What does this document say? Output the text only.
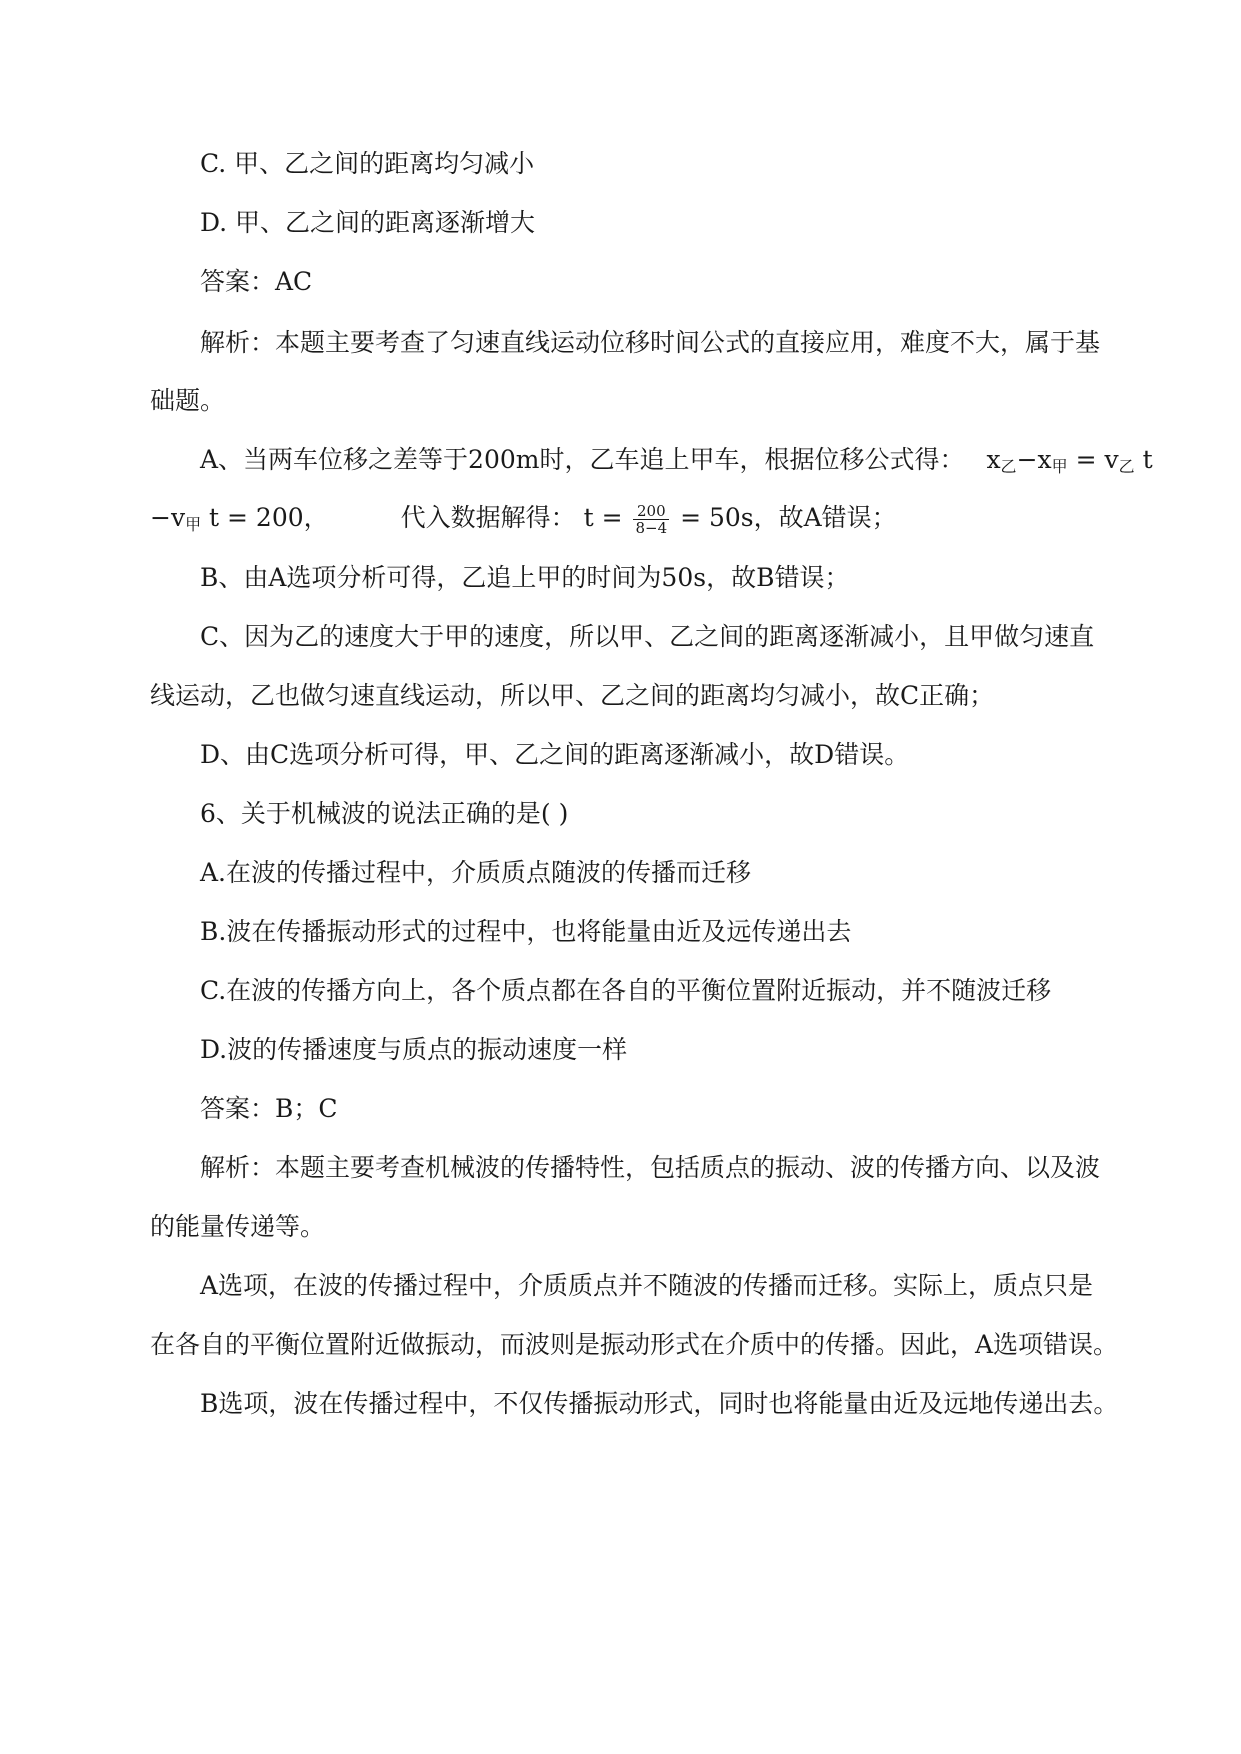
C. 甲、乙之间的距离均匀减小
D. 甲、乙之间的距离逐渐增大
答案：AC
解析：本题主要考查了匀速直线运动位移时间公式的直接应用，难度不大，属于基
础题。
A、当两车位移之差等于200m时，乙车追上甲车，根据位移公式得： $x_乙-x_甲 = v_乙$ t
$-v_甲$ t = 200，	代入数据解得： $t = \frac{200}{8-4} = 50s$，故A错误；
B、由A选项分析可得，乙追上甲的时间为50s，故B错误；
C、因为乙的速度大于甲的速度，所以甲、乙之间的距离逐渐减小，且甲做匀速直
线运动，乙也做匀速直线运动，所以甲、乙之间的距离均匀减小，故C正确；
D、由C选项分析可得，甲、乙之间的距离逐渐减小，故D错误。
6、关于机械波的说法正确的是( )
A.在波的传播过程中，介质质点随波的传播而迁移
B.波在传播振动形式的过程中，也将能量由近及远传递出去
C.在波的传播方向上，各个质点都在各自的平衡位置附近振动，并不随波迁移
D.波的传播速度与质点的振动速度一样
答案：B；C
解析：本题主要考查机械波的传播特性，包括质点的振动、波的传播方向、以及波
的能量传递等。
A选项，在波的传播过程中，介质质点并不随波的传播而迁移。实际上，质点只是
在各自的平衡位置附近做振动，而波则是振动形式在介质中的传播。因此，A选项错误。
B选项，波在传播过程中，不仅传播振动形式，同时也将能量由近及远地传递出去。
